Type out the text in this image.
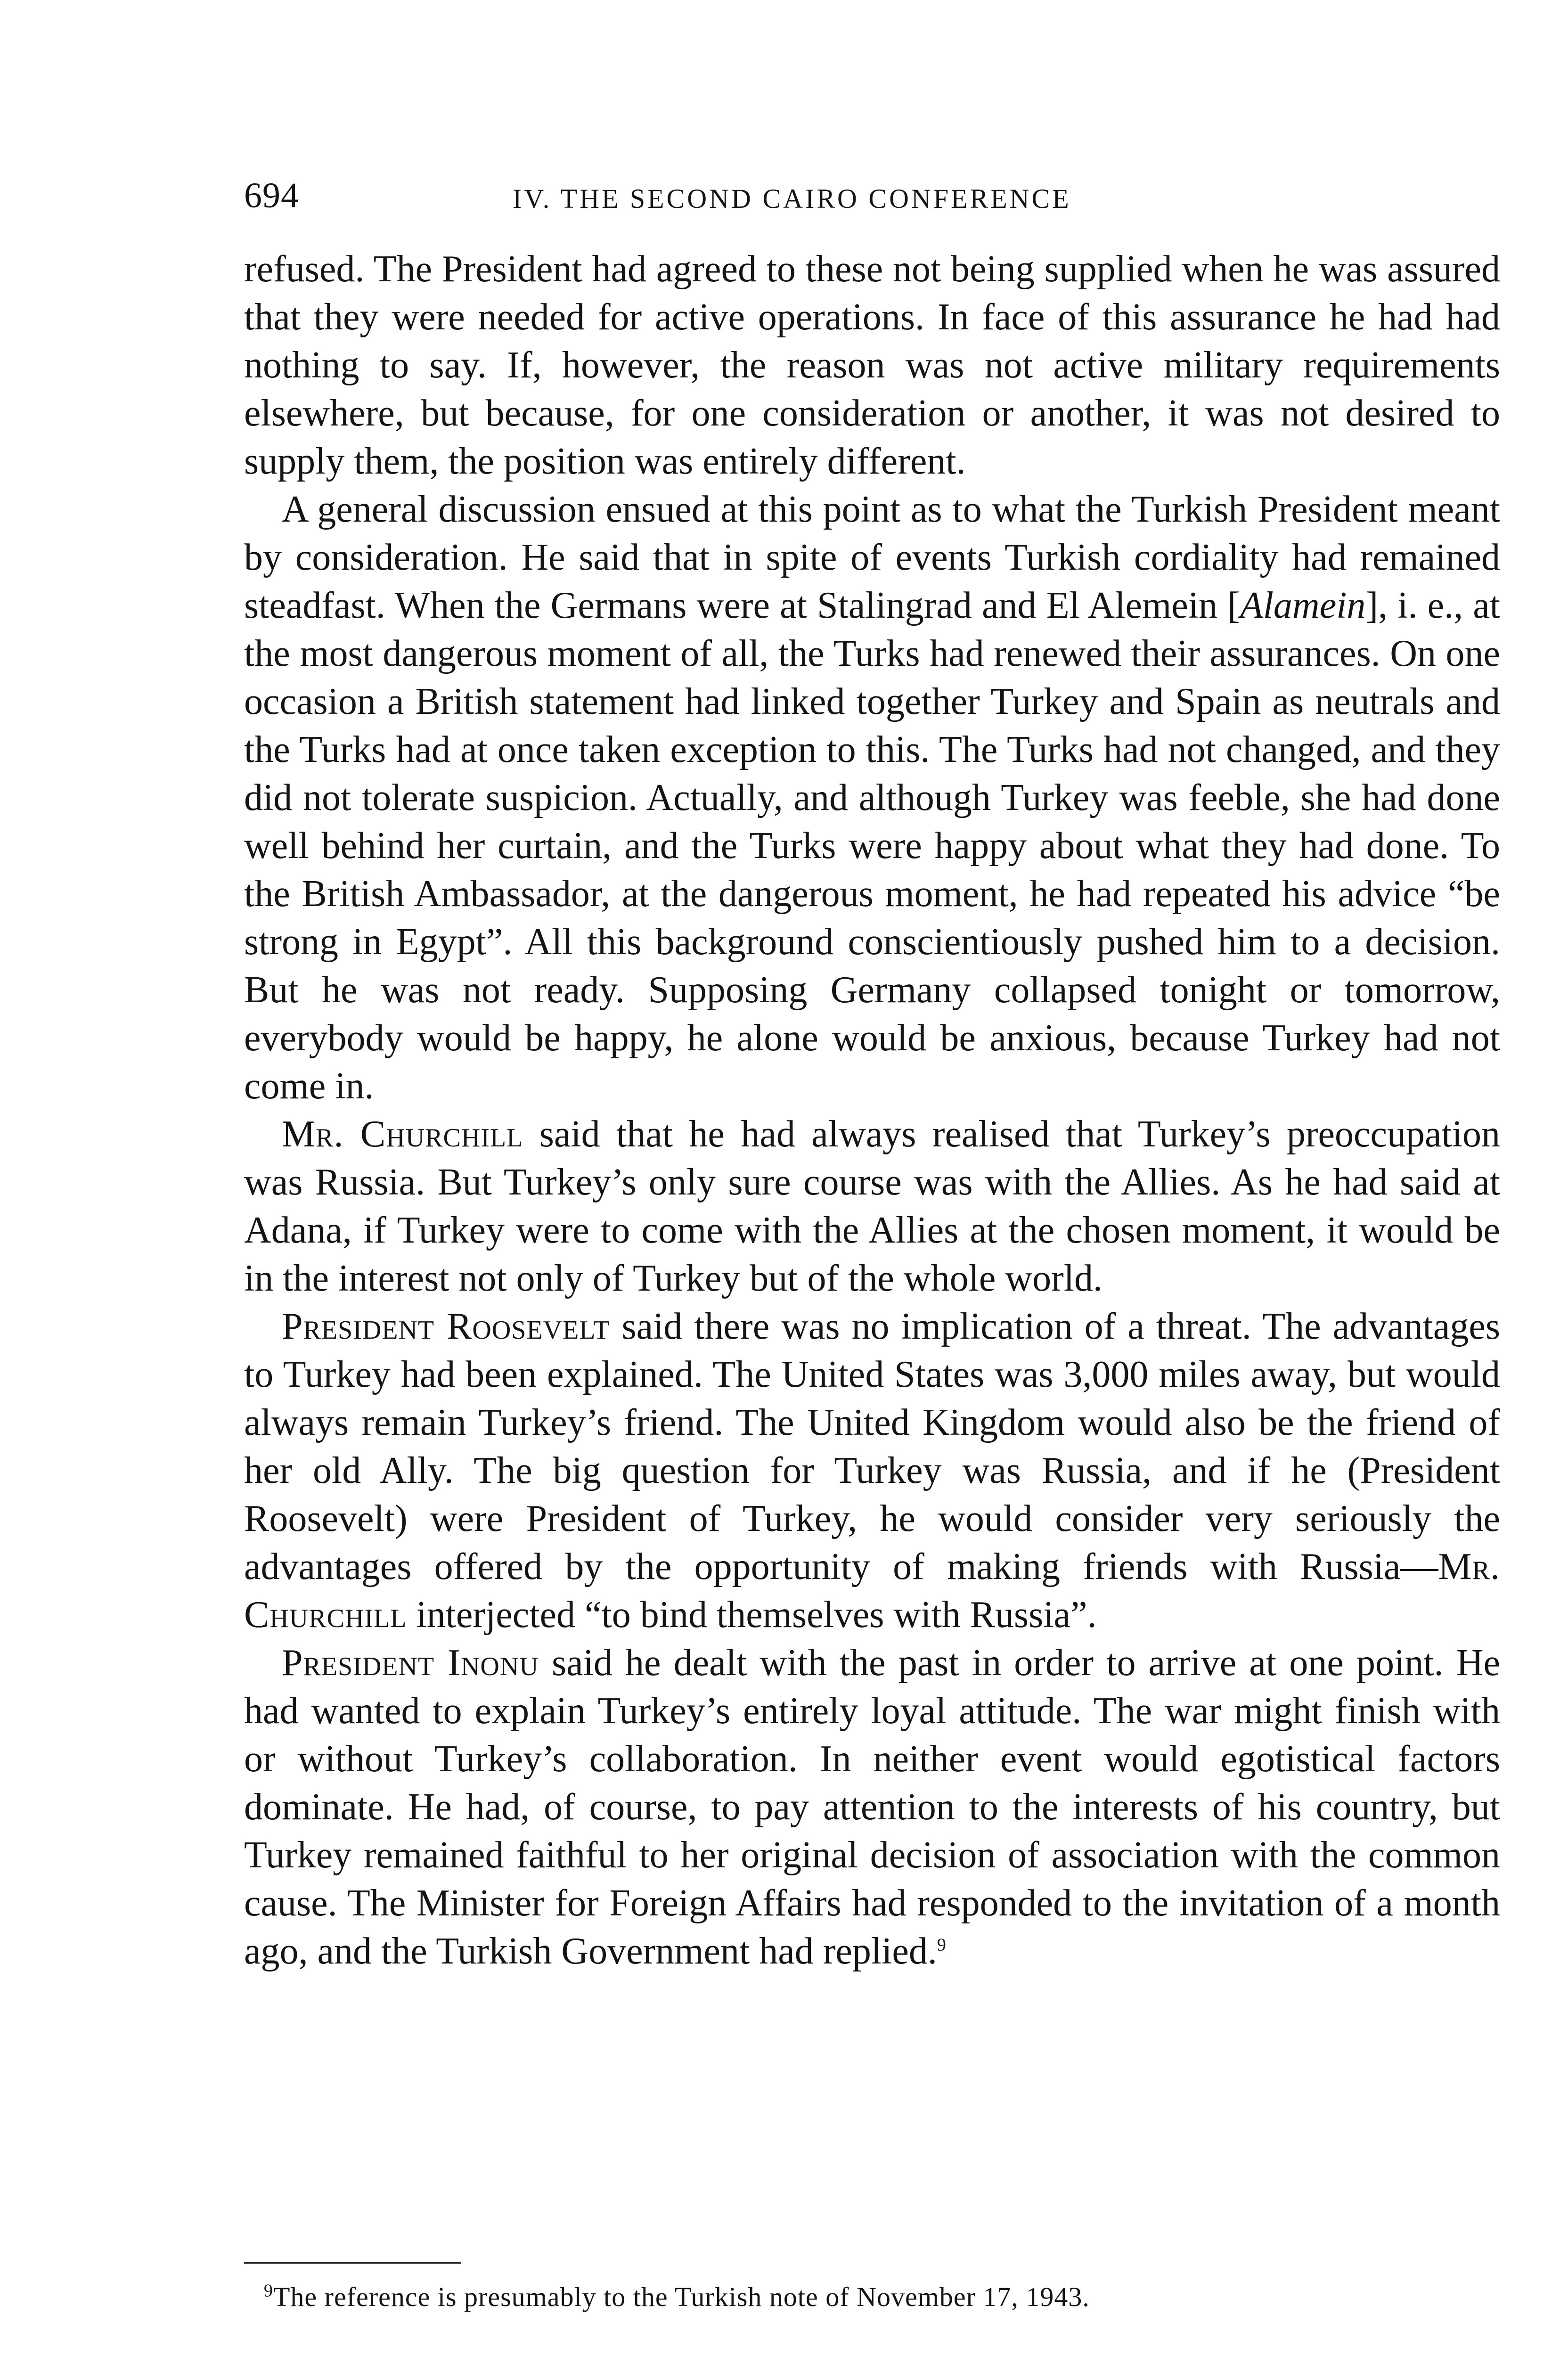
694	IV. THE SECOND CAIRO CONFERENCE

refused. The President had agreed to these not being supplied when he was assured that they were needed for active operations. In face of this assurance he had had nothing to say. If, however, the reason was not active military requirements elsewhere, but because, for one consideration or another, it was not desired to supply them, the position was entirely different.

A general discussion ensued at this point as to what the Turkish President meant by consideration. He said that in spite of events Turkish cordiality had remained steadfast. When the Germans were at Stalingrad and El Alemein [Alamein], i. e., at the most dangerous moment of all, the Turks had renewed their assurances. On one occasion a British statement had linked together Turkey and Spain as neutrals and the Turks had at once taken exception to this. The Turks had not changed, and they did not tolerate suspicion. Actually, and although Turkey was feeble, she had done well behind her curtain, and the Turks were happy about what they had done. To the British Ambassador, at the dangerous moment, he had repeated his advice “be strong in Egypt”. All this background conscientiously pushed him to a decision. But he was not ready. Supposing Germany collapsed tonight or tomorrow, everybody would be happy, he alone would be anxious, because Turkey had not come in.

Mr. Churchill said that he had always realised that Turkey’s preoccupation was Russia. But Turkey’s only sure course was with the Allies. As he had said at Adana, if Turkey were to come with the Allies at the chosen moment, it would be in the interest not only of Turkey but of the whole world.

President Roosevelt said there was no implication of a threat. The advantages to Turkey had been explained. The United States was 3,000 miles away, but would always remain Turkey’s friend. The United Kingdom would also be the friend of her old Ally. The big question for Turkey was Russia, and if he (President Roosevelt) were President of Turkey, he would consider very seriously the advantages offered by the opportunity of making friends with Russia—Mr. Churchill interjected “to bind themselves with Russia”.

President Inonu said he dealt with the past in order to arrive at one point. He had wanted to explain Turkey’s entirely loyal attitude. The war might finish with or without Turkey’s collaboration. In neither event would egotistical factors dominate. He had, of course, to pay attention to the interests of his country, but Turkey remained faithful to her original decision of association with the common cause. The Minister for Foreign Affairs had responded to the invitation of a month ago, and the Turkish Government had replied.$^9$

$^9$The reference is presumably to the Turkish note of November 17, 1943.
